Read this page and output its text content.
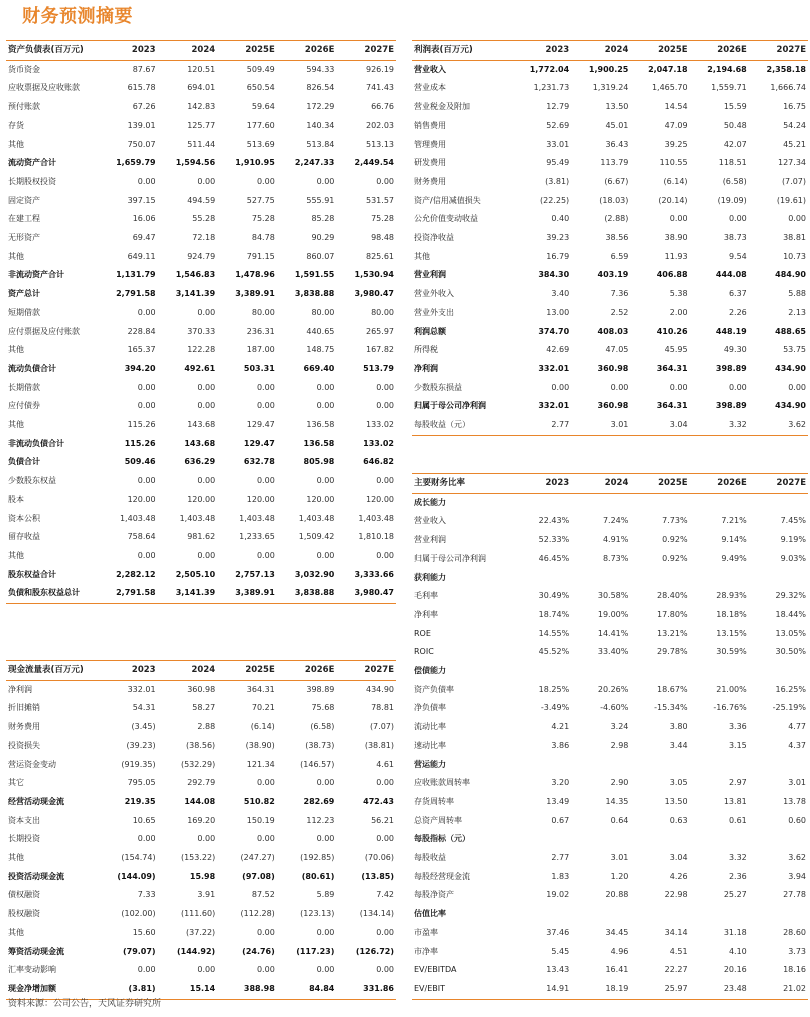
财务预测摘要
资产负债表(百万元)	2023	2024	2025E	2026E	2027E
货币资金	87.67	120.51	509.49	594.33	926.19
应收票据及应收账款	615.78	694.01	650.54	826.54	741.43
预付账款	67.26	142.83	59.64	172.29	66.76
存货	139.01	125.77	177.60	140.34	202.03
其他	750.07	511.44	513.69	513.84	513.13
流动资产合计	1,659.79	1,594.56	1,910.95	2,247.33	2,449.54
长期股权投资	0.00	0.00	0.00	0.00	0.00
固定资产	397.15	494.59	527.75	555.91	531.57
在建工程	16.06	55.28	75.28	85.28	75.28
无形资产	69.47	72.18	84.78	90.29	98.48
其他	649.11	924.79	791.15	860.07	825.61
非流动资产合计	1,131.79	1,546.83	1,478.96	1,591.55	1,530.94
资产总计	2,791.58	3,141.39	3,389.91	3,838.88	3,980.47
短期借款	0.00	0.00	80.00	80.00	80.00
应付票据及应付账款	228.84	370.33	236.31	440.65	265.97
其他	165.37	122.28	187.00	148.75	167.82
流动负债合计	394.20	492.61	503.31	669.40	513.79
长期借款	0.00	0.00	0.00	0.00	0.00
应付债券	0.00	0.00	0.00	0.00	0.00
其他	115.26	143.68	129.47	136.58	133.02
非流动负债合计	115.26	143.68	129.47	136.58	133.02
负债合计	509.46	636.29	632.78	805.98	646.82
少数股东权益	0.00	0.00	0.00	0.00	0.00
股本	120.00	120.00	120.00	120.00	120.00
资本公积	1,403.48	1,403.48	1,403.48	1,403.48	1,403.48
留存收益	758.64	981.62	1,233.65	1,509.42	1,810.18
其他	0.00	0.00	0.00	0.00	0.00
股东权益合计	2,282.12	2,505.10	2,757.13	3,032.90	3,333.66
负债和股东权益总计	2,791.58	3,141.39	3,389.91	3,838.88	3,980.47
利润表(百万元)	2023	2024	2025E	2026E	2027E
营业收入	1,772.04	1,900.25	2,047.18	2,194.68	2,358.18
营业成本	1,231.73	1,319.24	1,465.70	1,559.71	1,666.74
营业税金及附加	12.79	13.50	14.54	15.59	16.75
销售费用	52.69	45.01	47.09	50.48	54.24
管理费用	33.01	36.43	39.25	42.07	45.21
研发费用	95.49	113.79	110.55	118.51	127.34
财务费用	(3.81)	(6.67)	(6.14)	(6.58)	(7.07)
资产/信用减值损失	(22.25)	(18.03)	(20.14)	(19.09)	(19.61)
公允价值变动收益	0.40	(2.88)	0.00	0.00	0.00
投资净收益	39.23	38.56	38.90	38.73	38.81
其他	16.79	6.59	11.93	9.54	10.73
营业利润	384.30	403.19	406.88	444.08	484.90
营业外收入	3.40	7.36	5.38	6.37	5.88
营业外支出	13.00	2.52	2.00	2.26	2.13
利润总额	374.70	408.03	410.26	448.19	488.65
所得税	42.69	47.05	45.95	49.30	53.75
净利润	332.01	360.98	364.31	398.89	434.90
少数股东损益	0.00	0.00	0.00	0.00	0.00
归属于母公司净利润	332.01	360.98	364.31	398.89	434.90
每股收益（元）	2.77	3.01	3.04	3.32	3.62
主要财务比率	2023	2024	2025E	2026E	2027E
成长能力					
营业收入	22.43%	7.24%	7.73%	7.21%	7.45%
营业利润	52.33%	4.91%	0.92%	9.14%	9.19%
归属于母公司净利润	46.45%	8.73%	0.92%	9.49%	9.03%
获利能力					
毛利率	30.49%	30.58%	28.40%	28.93%	29.32%
净利率	18.74%	19.00%	17.80%	18.18%	18.44%
ROE	14.55%	14.41%	13.21%	13.15%	13.05%
ROIC	45.52%	33.40%	29.78%	30.59%	30.50%
偿债能力					
资产负债率	18.25%	20.26%	18.67%	21.00%	16.25%
净负债率	-3.49%	-4.60%	-15.34%	-16.76%	-25.19%
流动比率	4.21	3.24	3.80	3.36	4.77
速动比率	3.86	2.98	3.44	3.15	4.37
营运能力					
应收账款周转率	3.20	2.90	3.05	2.97	3.01
存货周转率	13.49	14.35	13.50	13.81	13.78
总资产周转率	0.67	0.64	0.63	0.61	0.60
每股指标（元）					
每股收益	2.77	3.01	3.04	3.32	3.62
每股经营现金流	1.83	1.20	4.26	2.36	3.94
每股净资产	19.02	20.88	22.98	25.27	27.78
估值比率					
市盈率	37.46	34.45	34.14	31.18	28.60
市净率	5.45	4.96	4.51	4.10	3.73
EV/EBITDA	13.43	16.41	22.27	20.16	18.16
EV/EBIT	14.91	18.19	25.97	23.48	21.02
现金流量表(百万元)	2023	2024	2025E	2026E	2027E
净利润	332.01	360.98	364.31	398.89	434.90
折旧摊销	54.31	58.27	70.21	75.68	78.81
财务费用	(3.45)	2.88	(6.14)	(6.58)	(7.07)
投资损失	(39.23)	(38.56)	(38.90)	(38.73)	(38.81)
营运资金变动	(919.35)	(532.29)	121.34	(146.57)	4.61
其它	795.05	292.79	0.00	0.00	0.00
经营活动现金流	219.35	144.08	510.82	282.69	472.43
资本支出	10.65	169.20	150.19	112.23	56.21
长期投资	0.00	0.00	0.00	0.00	0.00
其他	(154.74)	(153.22)	(247.27)	(192.85)	(70.06)
投资活动现金流	(144.09)	15.98	(97.08)	(80.61)	(13.85)
债权融资	7.33	3.91	87.52	5.89	7.42
股权融资	(102.00)	(111.60)	(112.28)	(123.13)	(134.14)
其他	15.60	(37.22)	0.00	0.00	0.00
筹资活动现金流	(79.07)	(144.92)	(24.76)	(117.23)	(126.72)
汇率变动影响	0.00	0.00	0.00	0.00	0.00
现金净增加额	(3.81)	15.14	388.98	84.84	331.86
资料来源：公司公告，天风证券研究所
